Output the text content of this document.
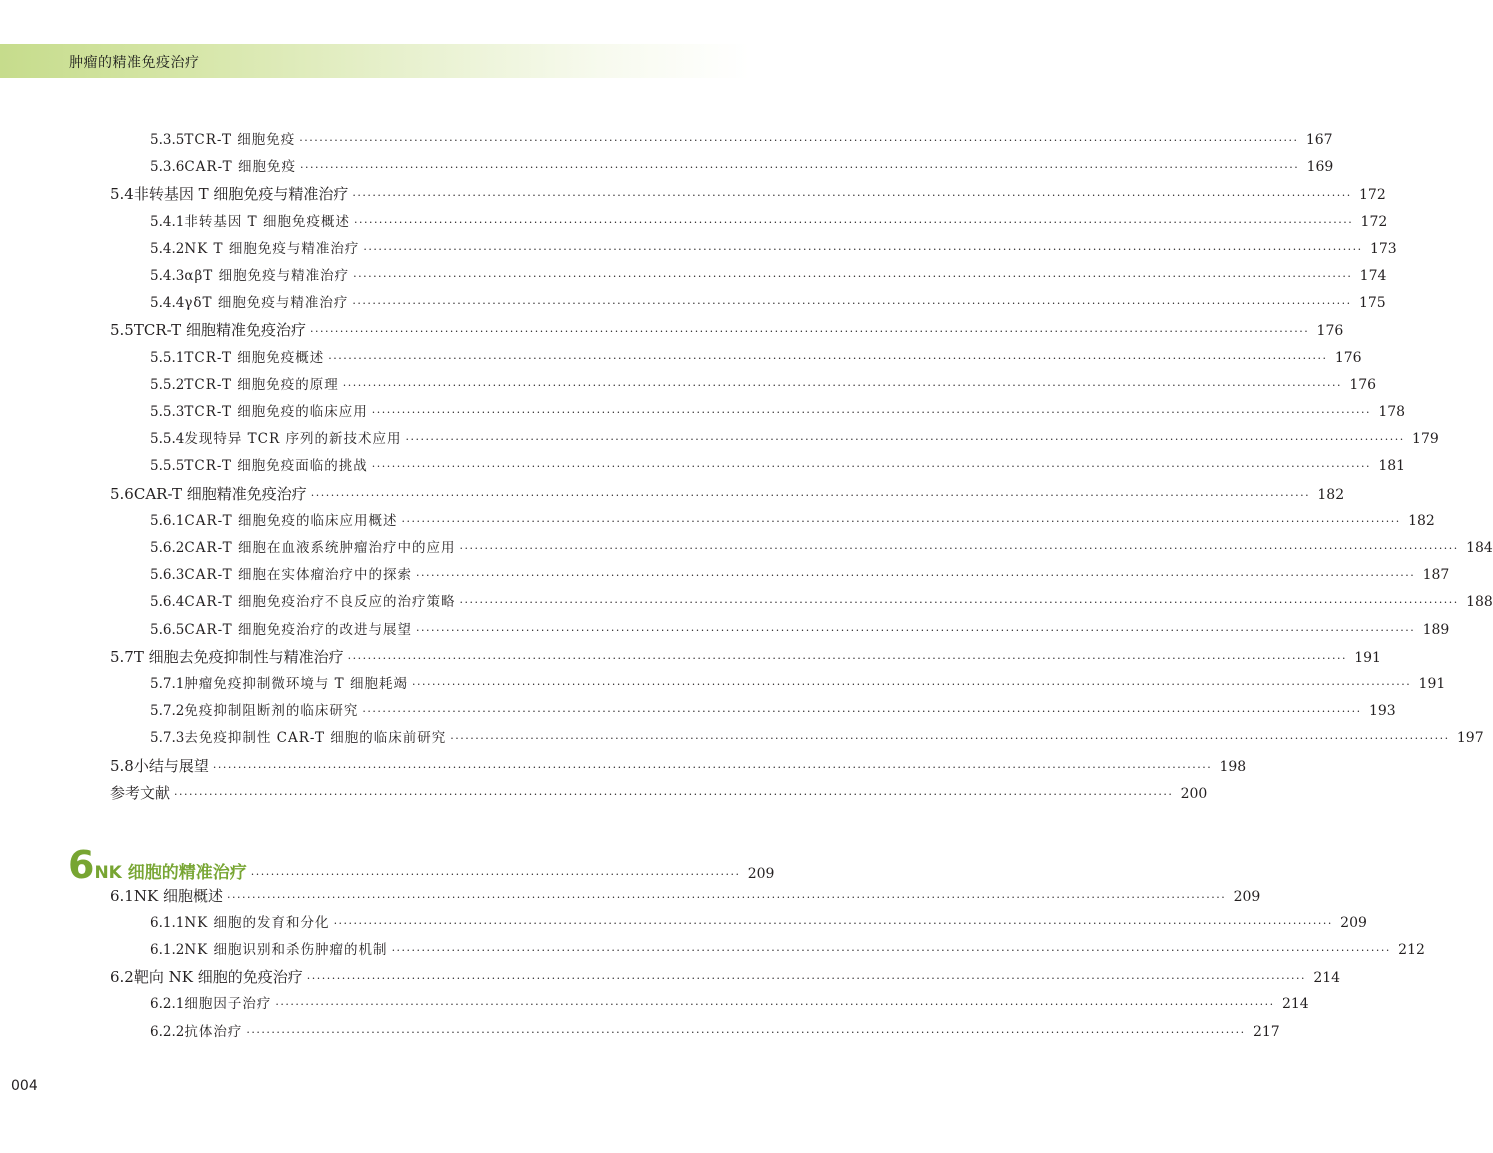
肿瘤的精准免疫治疗
5.3.5 TCR-T 细胞免疫 ········································································································································································································ 167
5.3.6 CAR-T 细胞免疫 ········································································································································································································ 169
5.4 非转基因 T 细胞免疫与精准治疗 ········································································································································································································ 172
5.4.1 非转基因 T 细胞免疫概述 ········································································································································································································ 172
5.4.2 NK T 细胞免疫与精准治疗 ········································································································································································································ 173
5.4.3 αβT 细胞免疫与精准治疗 ········································································································································································································ 174
5.4.4 γδT 细胞免疫与精准治疗 ········································································································································································································ 175
5.5 TCR-T 细胞精准免疫治疗 ········································································································································································································ 176
5.5.1 TCR-T 细胞免疫概述 ········································································································································································································ 176
5.5.2 TCR-T 细胞免疫的原理 ········································································································································································································ 176
5.5.3 TCR-T 细胞免疫的临床应用 ········································································································································································································ 178
5.5.4 发现特异 TCR 序列的新技术应用 ········································································································································································································ 179
5.5.5 TCR-T 细胞免疫面临的挑战 ········································································································································································································ 181
5.6 CAR-T 细胞精准免疫治疗 ········································································································································································································ 182
5.6.1 CAR-T 细胞免疫的临床应用概述 ········································································································································································································ 182
5.6.2 CAR-T 细胞在血液系统肿瘤治疗中的应用 ········································································································································································································ 184
5.6.3 CAR-T 细胞在实体瘤治疗中的探索 ········································································································································································································ 187
5.6.4 CAR-T 细胞免疫治疗不良反应的治疗策略 ········································································································································································································ 188
5.6.5 CAR-T 细胞免疫治疗的改进与展望 ········································································································································································································ 189
5.7 T 细胞去免疫抑制性与精准治疗 ········································································································································································································ 191
5.7.1 肿瘤免疫抑制微环境与 T 细胞耗竭 ········································································································································································································ 191
5.7.2 免疫抑制阻断剂的临床研究 ········································································································································································································ 193
5.7.3 去免疫抑制性 CAR-T 细胞的临床前研究 ········································································································································································································ 197
5.8 小结与展望 ········································································································································································································ 198
参考文献 ········································································································································································································ 200
6.1 NK 细胞概述 ········································································································································································································ 209
6.1.1 NK 细胞的发育和分化 ········································································································································································································ 209
6.1.2 NK 细胞识别和杀伤肿瘤的机制 ········································································································································································································ 212
6.2 靶向 NK 细胞的免疫治疗 ········································································································································································································ 214
6.2.1 细胞因子治疗 ········································································································································································································ 214
6.2.2 抗体治疗 ········································································································································································································ 217
6 NK 细胞的精准治疗 ·································································································· 209
004
